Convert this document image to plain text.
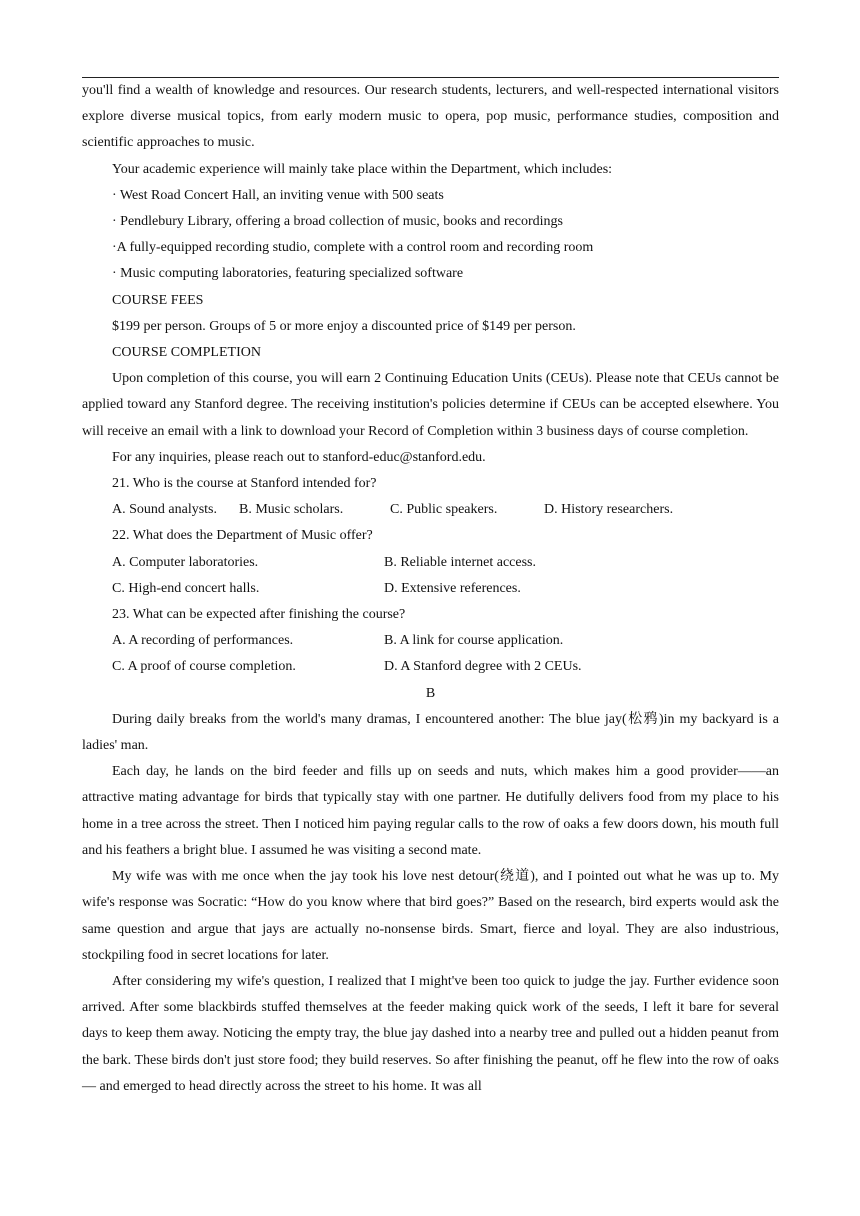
you'll find a wealth of knowledge and resources. Our research students, lecturers, and well-respected international visitors explore diverse musical topics, from early modern music to opera, pop music, performance studies, composition and scientific approaches to music.

Your academic experience will mainly take place within the Department, which includes:

· West Road Concert Hall, an inviting venue with 500 seats

· Pendlebury Library, offering a broad collection of music, books and recordings

·A fully-equipped recording studio, complete with a control room and recording room

· Music computing laboratories, featuring specialized software

COURSE FEES

$199 per person. Groups of 5 or more enjoy a discounted price of $149 per person.

COURSE COMPLETION

Upon completion of this course, you will earn 2 Continuing Education Units (CEUs). Please note that CEUs cannot be applied toward any Stanford degree. The receiving institution's policies determine if CEUs can be accepted elsewhere. You will receive an email with a link to download your Record of Completion within 3 business days of course completion.

For any inquiries, please reach out to stanford-educ@stanford.edu.

21. Who is the course at Stanford intended for?

A. Sound analysts.	B. Music scholars.	C. Public speakers.	D. History researchers.

22. What does the Department of Music offer?

A. Computer laboratories.	B. Reliable internet access.
C. High-end concert halls.	D. Extensive references.

23. What can be expected after finishing the course?

A. A recording of performances.	B. A link for course application.
C. A proof of course completion.	D. A Stanford degree with 2 CEUs.

B

During daily breaks from the world's many dramas, I encountered another: The blue jay(松鸦)in my backyard is a ladies' man.

Each day, he lands on the bird feeder and fills up on seeds and nuts, which makes him a good provider——an attractive mating advantage for birds that typically stay with one partner. He dutifully delivers food from my place to his home in a tree across the street. Then I noticed him paying regular calls to the row of oaks a few doors down, his mouth full and his feathers a bright blue. I assumed he was visiting a second mate.

My wife was with me once when the jay took his love nest detour(绕道), and I pointed out what he was up to. My wife's response was Socratic: “How do you know where that bird goes?” Based on the research, bird experts would ask the same question and argue that jays are actually no-nonsense birds. Smart, fierce and loyal. They are also industrious, stockpiling food in secret locations for later.

After considering my wife's question, I realized that I might've been too quick to judge the jay. Further evidence soon arrived. After some blackbirds stuffed themselves at the feeder making quick work of the seeds, I left it bare for several days to keep them away. Noticing the empty tray, the blue jay dashed into a nearby tree and pulled out a hidden peanut from the bark. These birds don't just store food; they build reserves. So after finishing the peanut, off he flew into the row of oaks— and emerged to head directly across the street to his home. It was all
